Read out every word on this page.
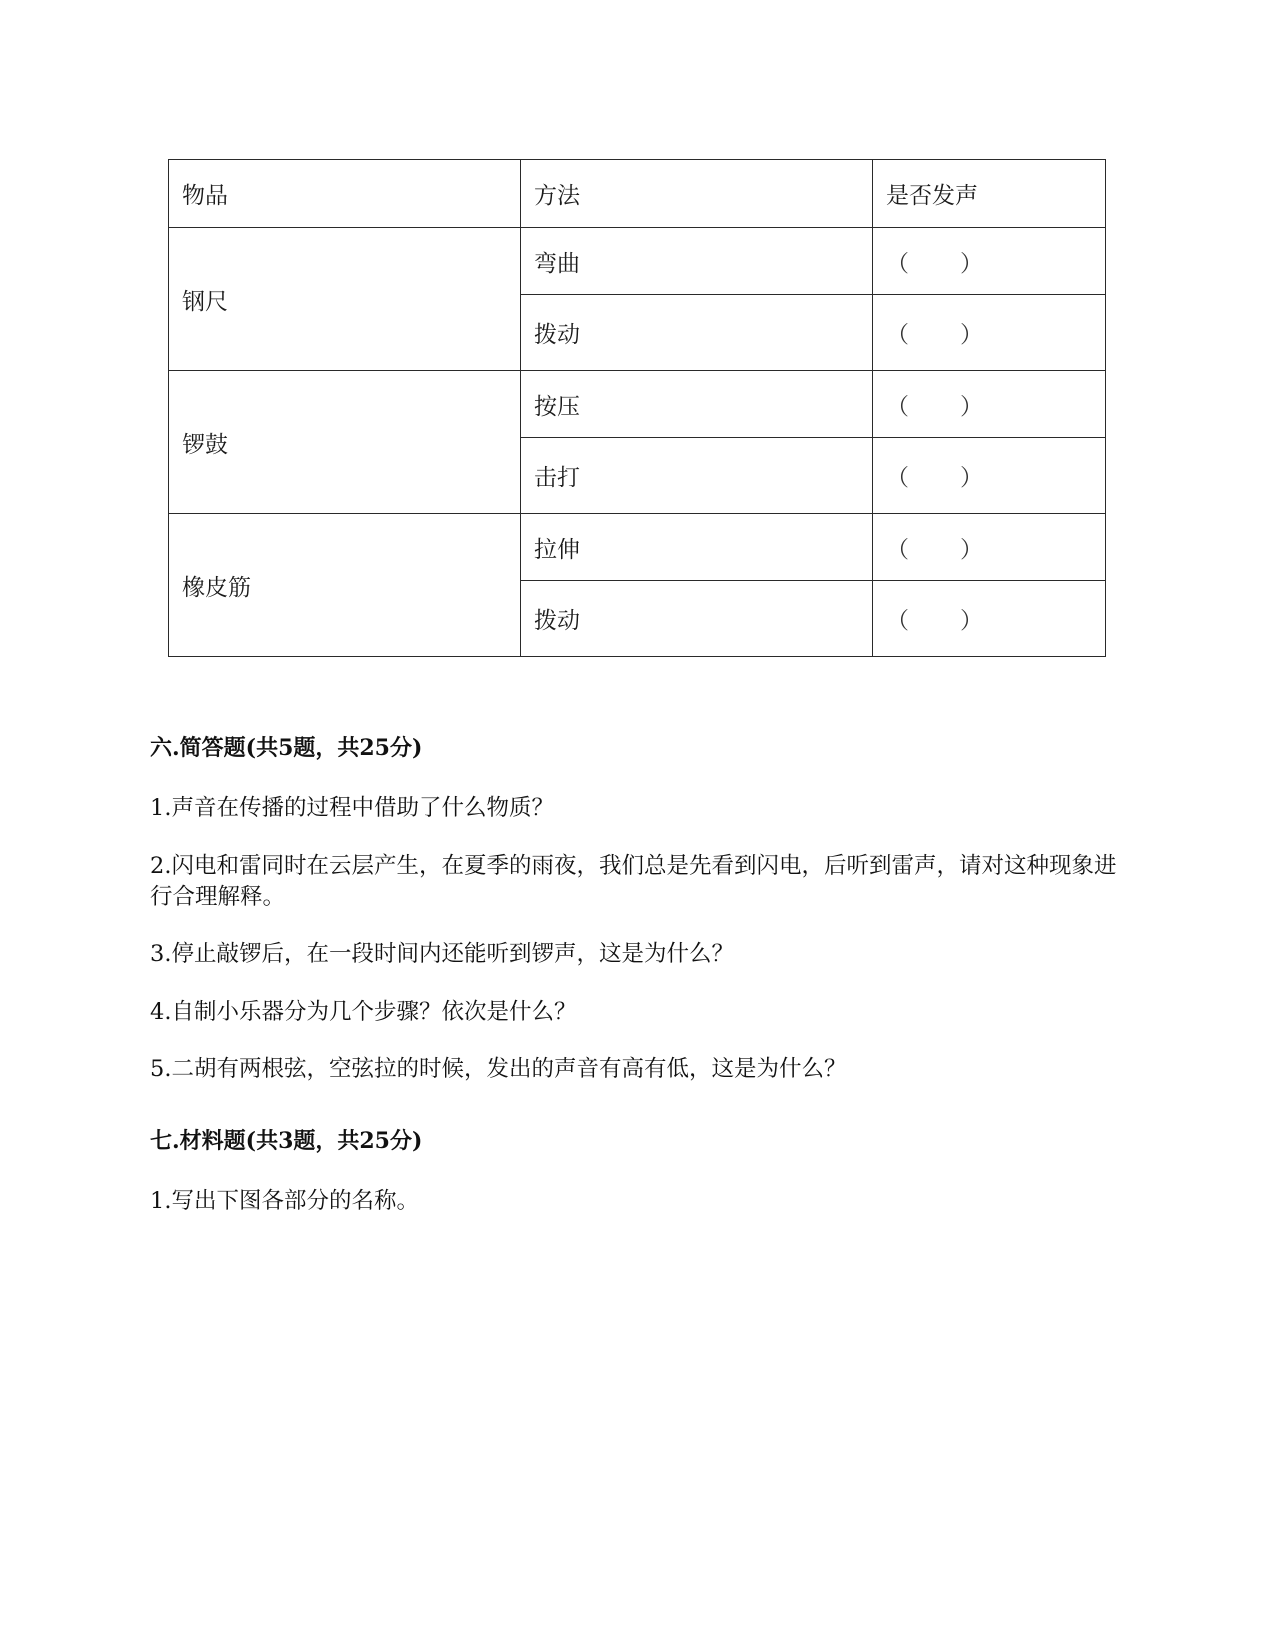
物品	方法	是否发声
钢尺	弯曲	（ ）

	拨动	（ ）

锣鼓	按压	（ ）

	击打	（ ）

橡皮筋	拉伸	（ ）

	拨动	（ ）
六.简答题(共5题，共25分)

1.声音在传播的过程中借助了什么物质？

2.闪电和雷同时在云层产生，在夏季的雨夜，我们总是先看到闪电，后听到雷声，请对这种现象进行合理解释。

3.停止敲锣后，在一段时间内还能听到锣声，这是为什么？

4.自制小乐器分为几个步骤？依次是什么？

5.二胡有两根弦，空弦拉的时候，发出的声音有高有低，这是为什么？

七.材料题(共3题，共25分)

1.写出下图各部分的名称。
